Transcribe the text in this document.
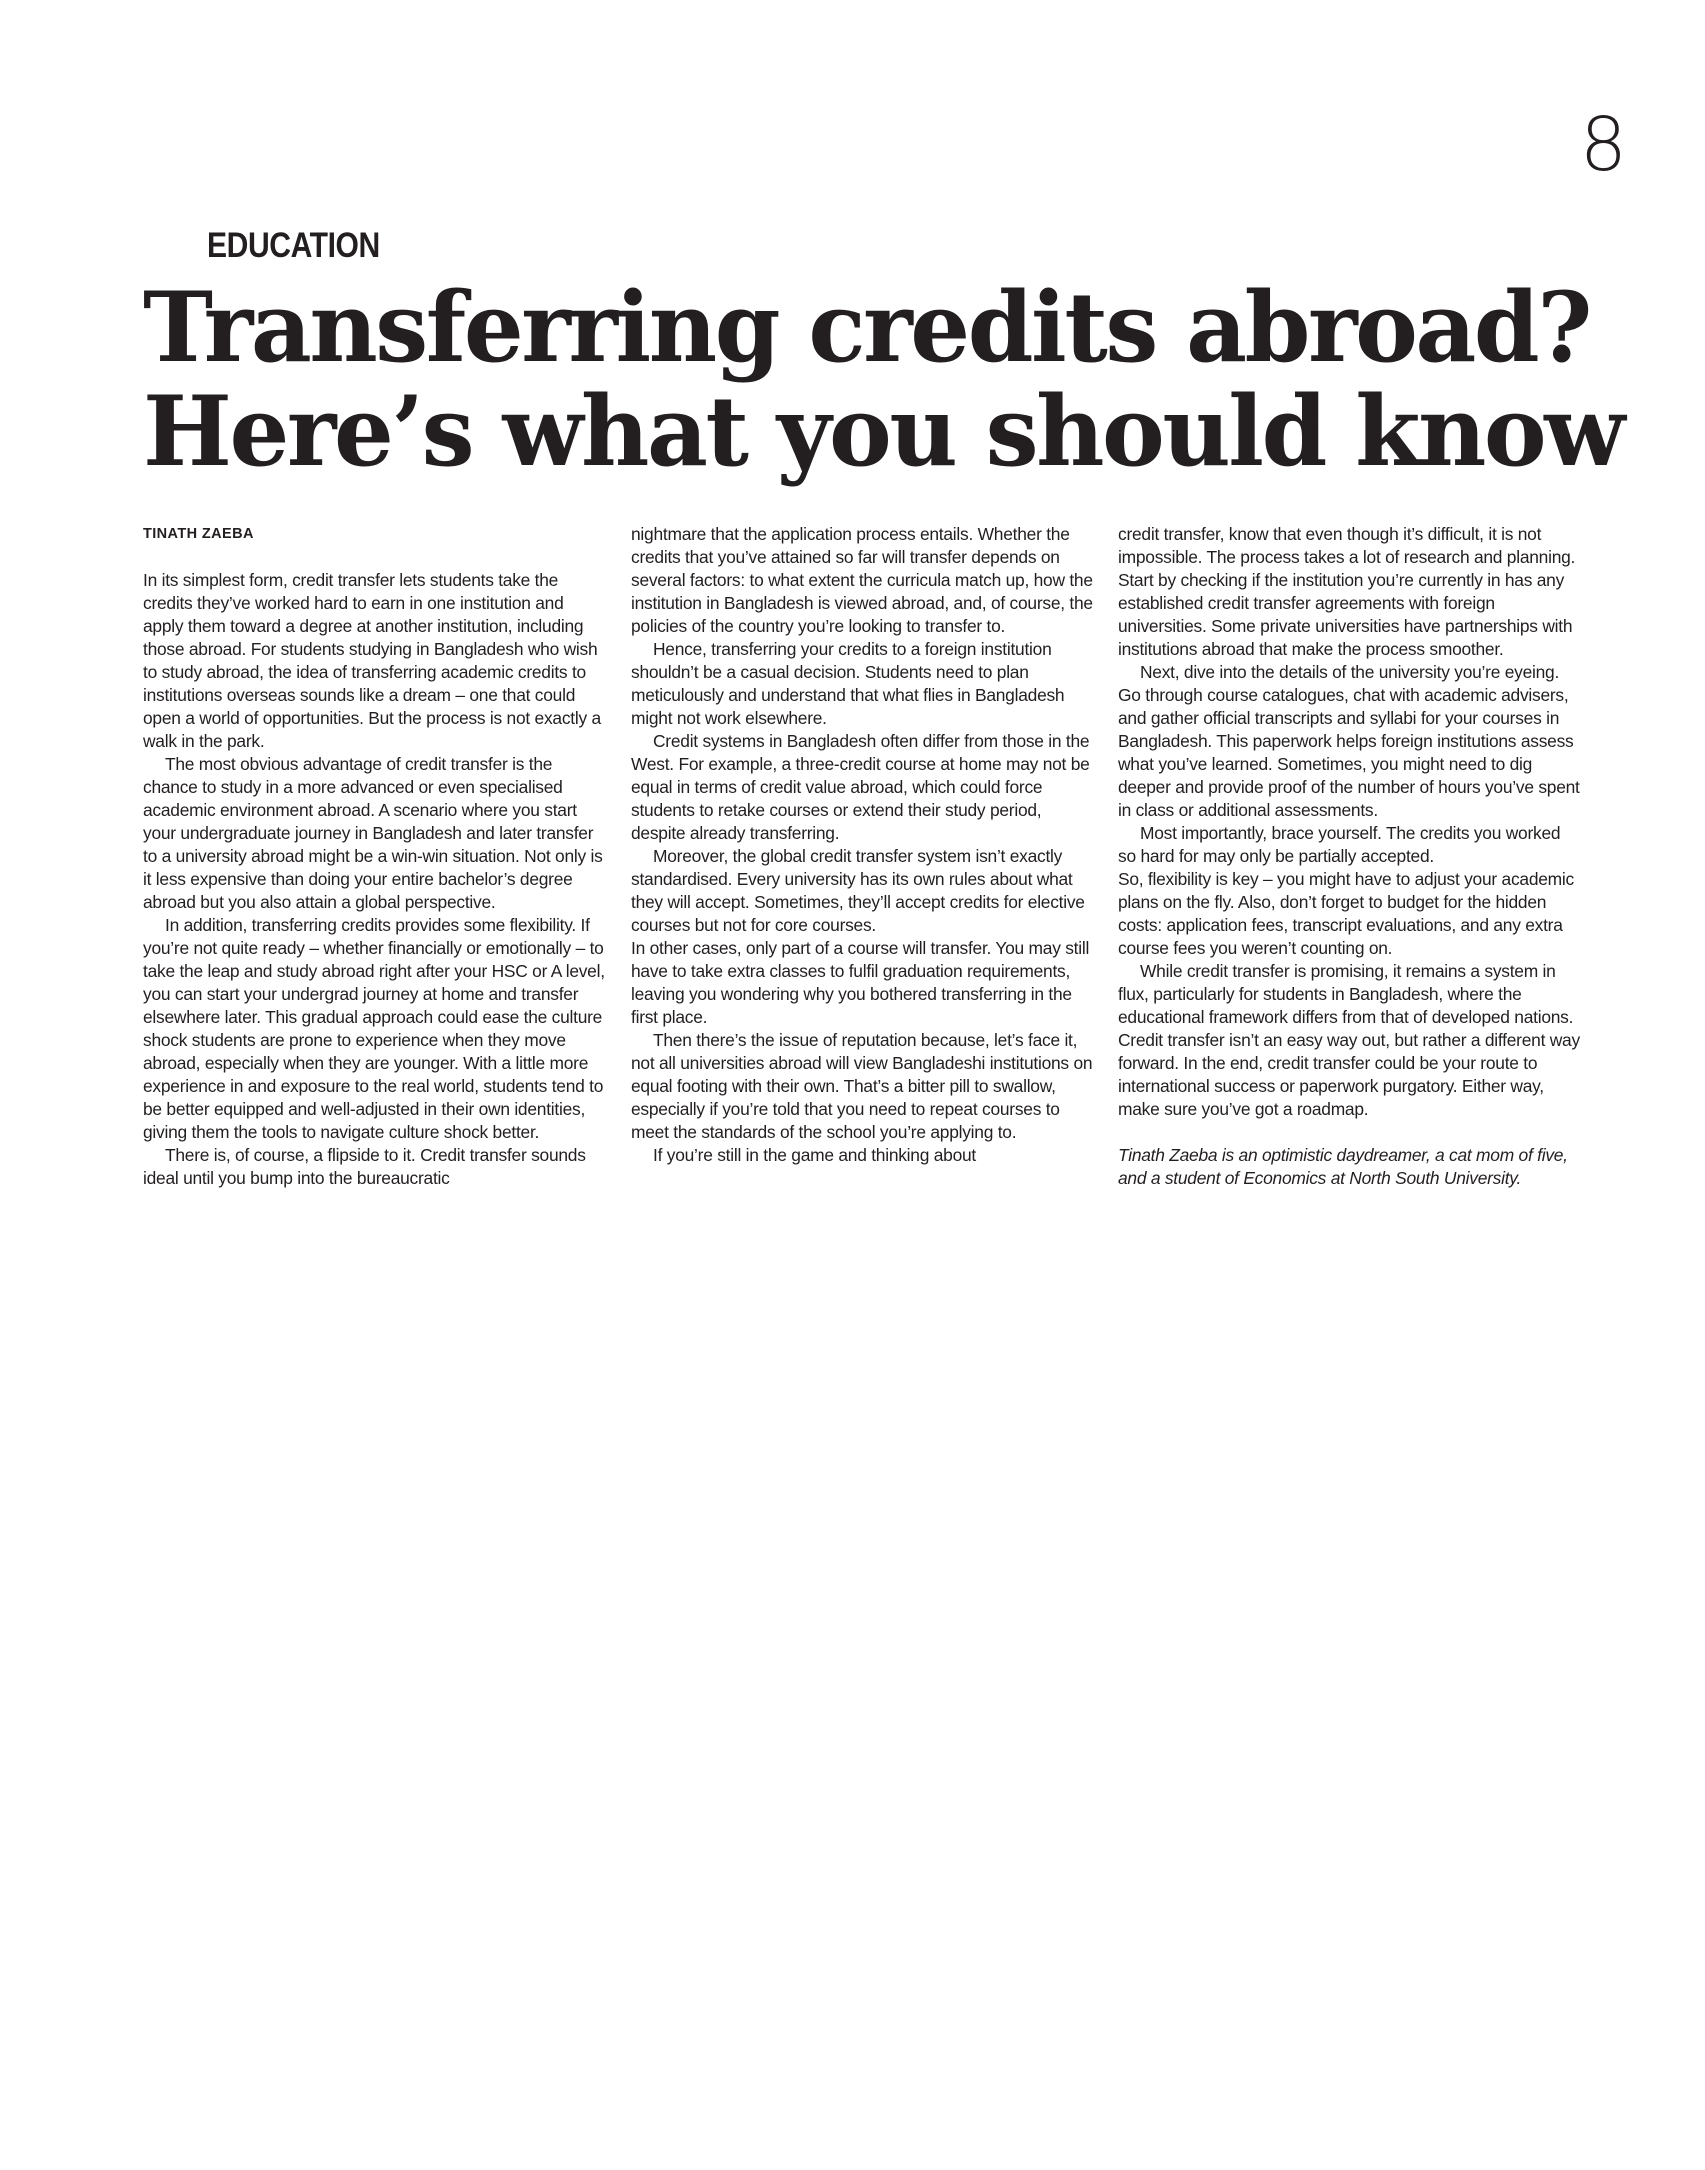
8
EDUCATION
Transferring credits abroad?
Here’s what you should know
TINATH ZAEBA

In its simplest form, credit transfer lets students take the credits they’ve worked hard to earn in one institution and apply them toward a degree at another institution, including those abroad. For students studying in Bangladesh who wish to study abroad, the idea of transferring academic credits to institutions overseas sounds like a dream – one that could open a world of opportunities. But the process is not exactly a walk in the park.

The most obvious advantage of credit transfer is the chance to study in a more advanced or even specialised academic environment abroad. A scenario where you start your undergraduate journey in Bangladesh and later transfer to a university abroad might be a win-win situation. Not only is it less expensive than doing your entire bachelor’s degree abroad but you also attain a global perspective.

In addition, transferring credits provides some flexibility. If you’re not quite ready – whether financially or emotionally – to take the leap and study abroad right after your HSC or A level, you can start your undergrad journey at home and transfer elsewhere later. This gradual approach could ease the culture shock students are prone to experience when they move abroad, especially when they are younger. With a little more experience in and exposure to the real world, students tend to be better equipped and well-adjusted in their own identities, giving them the tools to navigate culture shock better.

There is, of course, a flipside to it. Credit transfer sounds ideal until you bump into the bureaucratic

nightmare that the application process entails. Whether the credits that you’ve attained so far will transfer depends on several factors: to what extent the curricula match up, how the institution in Bangladesh is viewed abroad, and, of course, the policies of the country you’re looking to transfer to.

Hence, transferring your credits to a foreign institution shouldn’t be a casual decision. Students need to plan meticulously and understand that what flies in Bangladesh might not work elsewhere.

Credit systems in Bangladesh often differ from those in the West. For example, a three-credit course at home may not be equal in terms of credit value abroad, which could force students to retake courses or extend their study period, despite already transferring.

Moreover, the global credit transfer system isn’t exactly standardised. Every university has its own rules about what they will accept. Sometimes, they’ll accept credits for elective courses but not for core courses.

In other cases, only part of a course will transfer. You may still have to take extra classes to fulfil graduation requirements, leaving you wondering why you bothered transferring in the first place.

Then there’s the issue of reputation because, let’s face it, not all universities abroad will view Bangladeshi institutions on equal footing with their own. That’s a bitter pill to swallow, especially if you’re told that you need to repeat courses to meet the standards of the school you’re applying to.

If you’re still in the game and thinking about

credit transfer, know that even though it’s difficult, it is not impossible. The process takes a lot of research and planning. Start by checking if the institution you’re currently in has any established credit transfer agreements with foreign universities. Some private universities have partnerships with institutions abroad that make the process smoother.

Next, dive into the details of the university you’re eyeing. Go through course catalogues, chat with academic advisers, and gather official transcripts and syllabi for your courses in Bangladesh. This paperwork helps foreign institutions assess what you’ve learned. Sometimes, you might need to dig deeper and provide proof of the number of hours you’ve spent in class or additional assessments.

Most importantly, brace yourself. The credits you worked so hard for may only be partially accepted.

So, flexibility is key – you might have to adjust your academic plans on the fly. Also, don’t forget to budget for the hidden costs: application fees, transcript evaluations, and any extra course fees you weren’t counting on.

While credit transfer is promising, it remains a system in flux, particularly for students in Bangladesh, where the educational framework differs from that of developed nations. Credit transfer isn’t an easy way out, but rather a different way forward. In the end, credit transfer could be your route to international success or paperwork purgatory. Either way, make sure you’ve got a roadmap.

Tinath Zaeba is an optimistic daydreamer, a cat mom of five, and a student of Economics at North South University.
